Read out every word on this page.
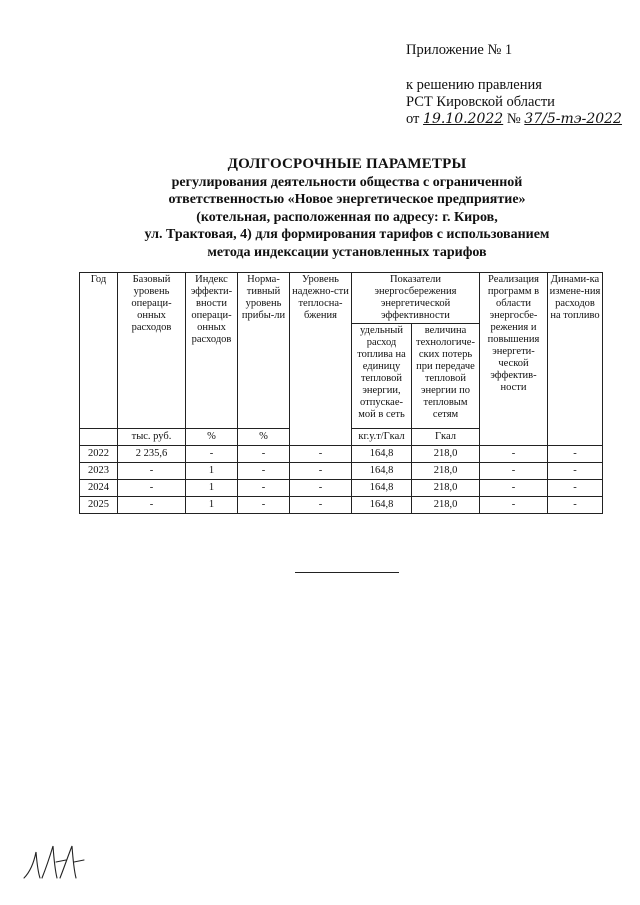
Приложение № 1
к решению правления
РСТ Кировской области
от 19.10.2022 № 37/5-тэ-2022
ДОЛГОСРОЧНЫЕ ПАРАМЕТРЫ
регулирования деятельности общества с ограниченной
ответственностью «Новое энергетическое предприятие»
(котельная, расположенная по адресу: г. Киров,
ул. Трактовая, 4) для формирования тарифов с использованием
метода индексации установленных тарифов
Год	Базовый уровень операци-онных расходов	Индекс эффекти-вности операци-онных расходов	Норма-тивный уровень прибы-ли	Уровень надежно-сти теплосна-бжения	Показатели энергосбережения энергетической эффективности		Реализация программ в области энергосбе-режения и повышения энергети-ческой эффектив-ности	Динами-ка измене-ния расходов на топливо
					удельный расход топлива на единицу тепловой энергии, отпускае-мой в сеть	величина технологиче-ских потерь при передаче тепловой энергии по тепловым сетям		
	тыс. руб.	%	%		кг.у.т/Гкал	Гкал		
2022	2 235,6	-	-	-	164,8	218,0	-	-
2023	-	1	-	-	164,8	218,0	-	-
2024	-	1	-	-	164,8	218,0	-	-
2025	-	1	-	-	164,8	218,0	-	-
